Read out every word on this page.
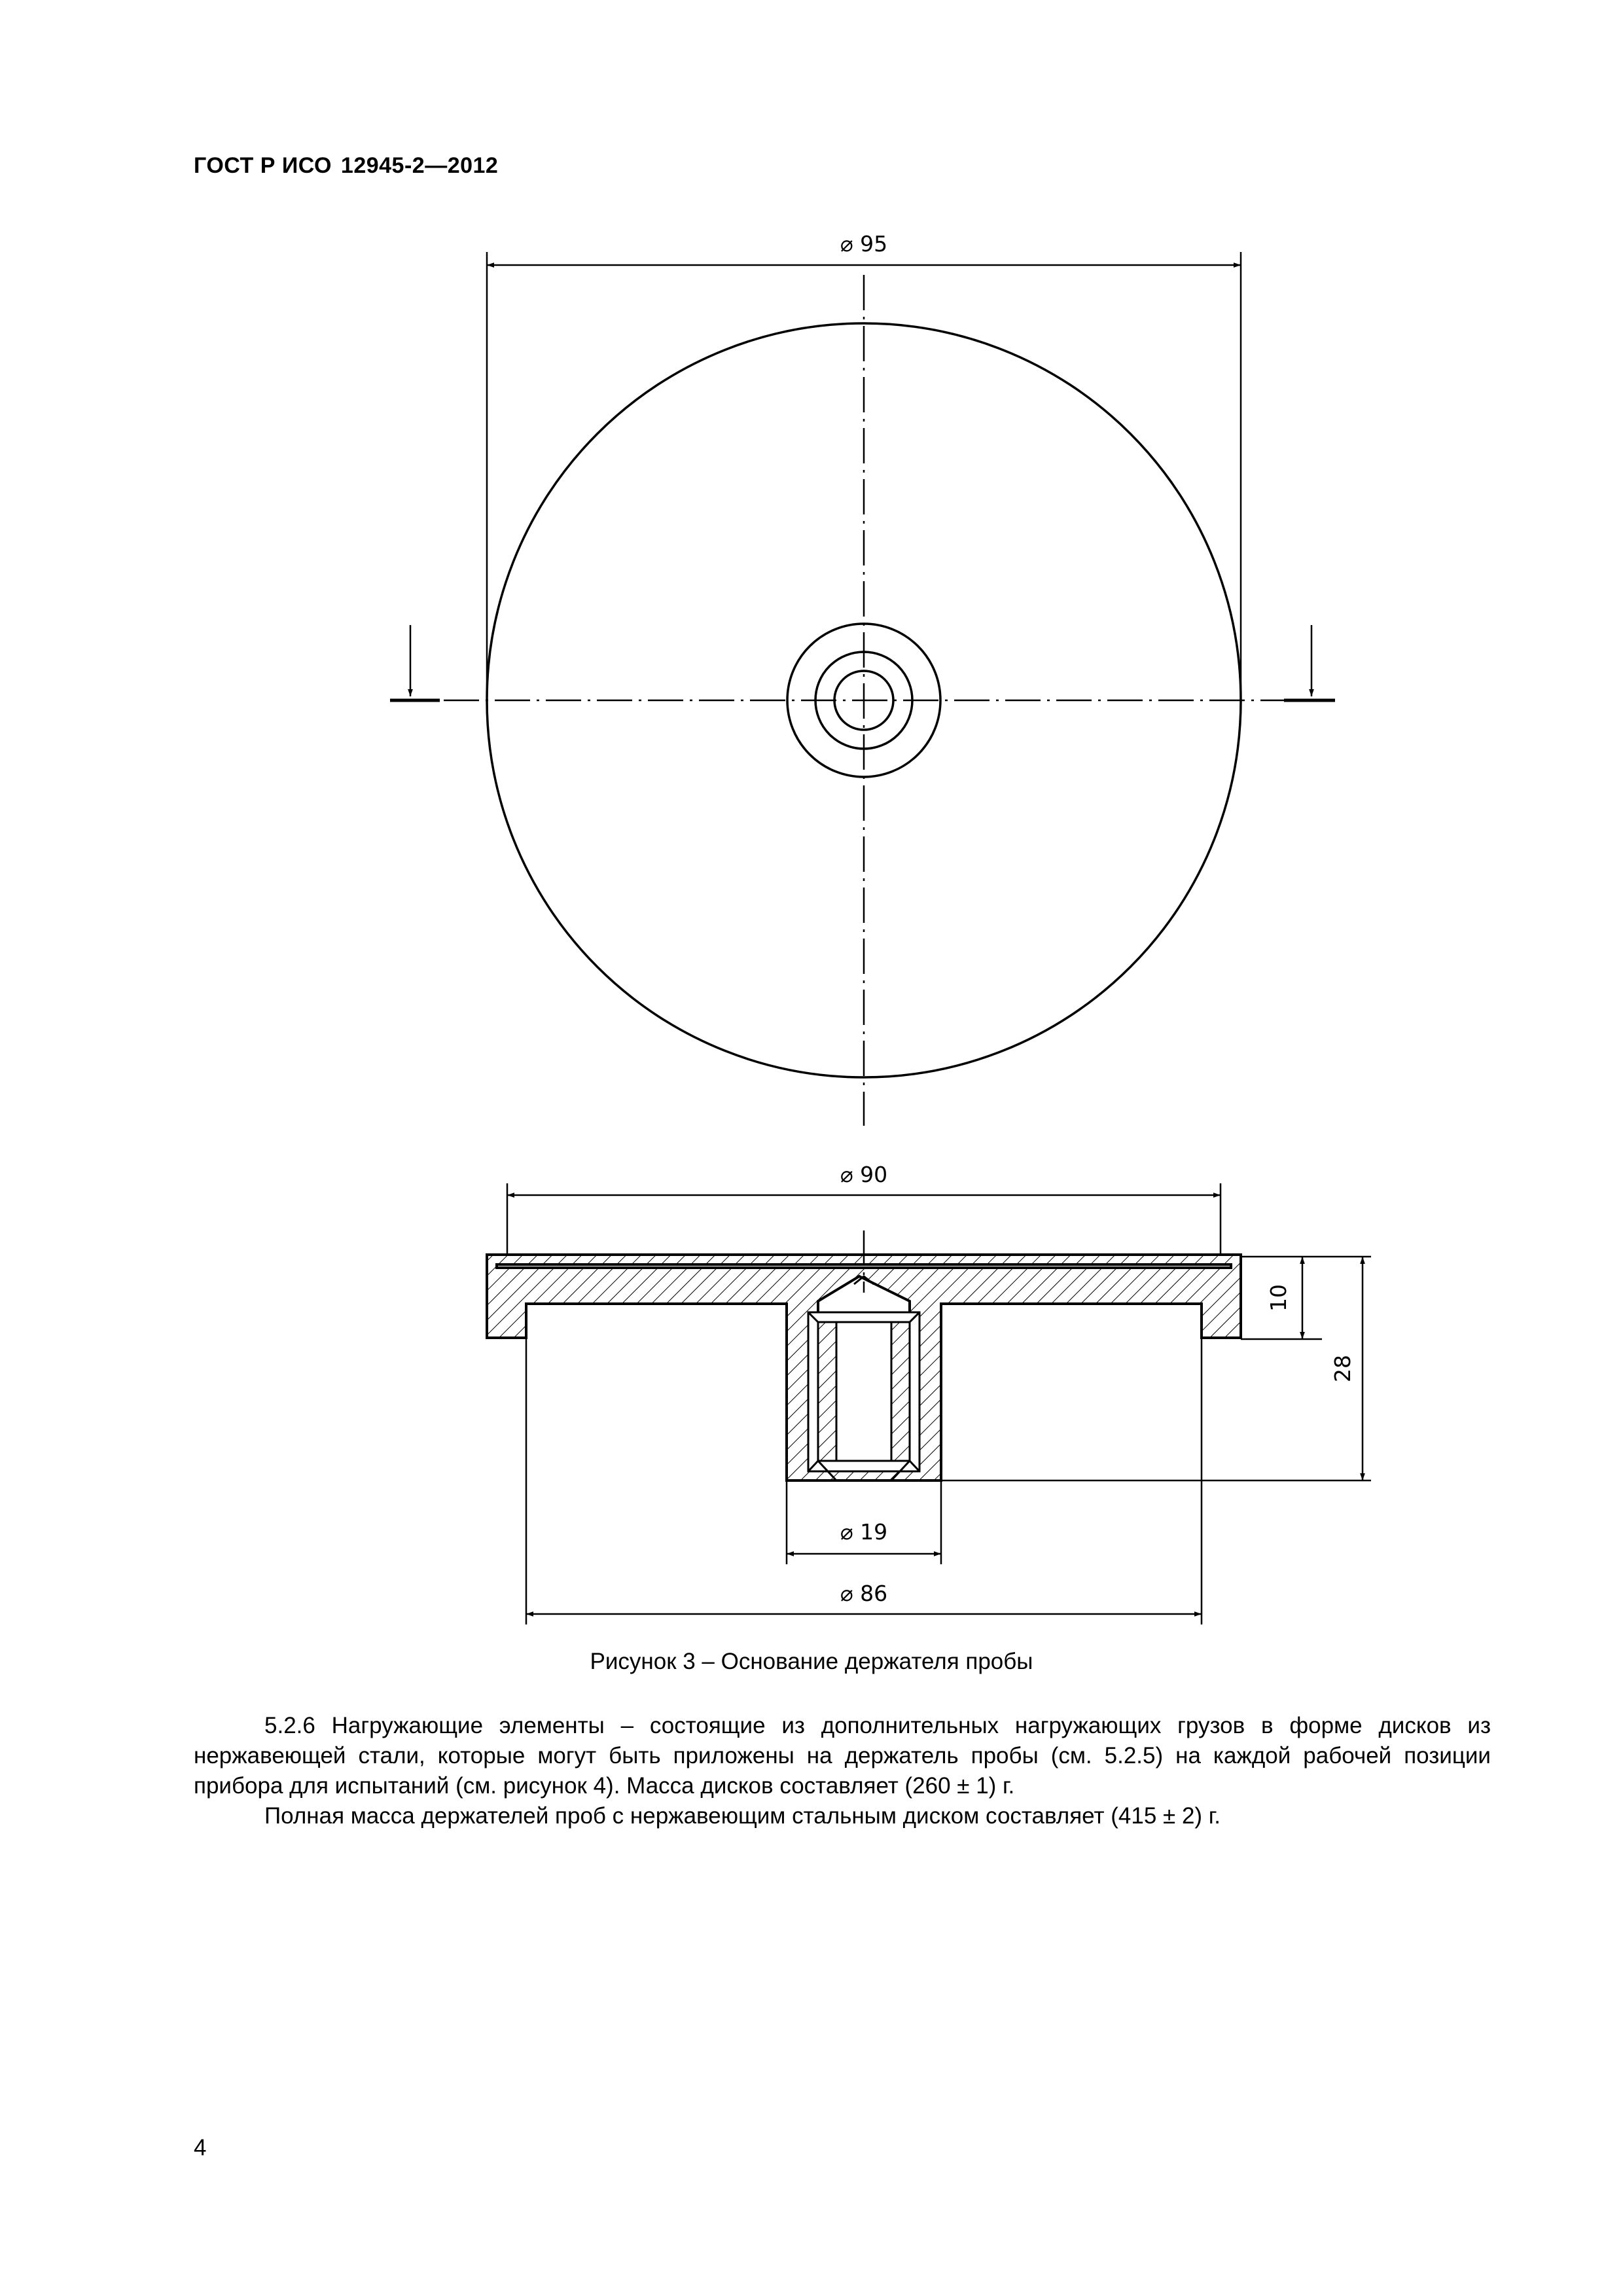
ГОСТ Р ИСО 12945-2—2012
⌀ 95
⌀ 90
10
28
⌀ 19
⌀ 86
Рисунок 3 – Основание держателя пробы

5.2.6 Нагружающие элементы – состоящие из дополнительных нагружающих грузов в форме дисков из нержавеющей стали, которые могут быть приложены на держатель пробы (см. 5.2.5) на каждой рабочей позиции прибора для испытаний (см. рисунок 4). Масса дисков составляет (260 ± 1) г.

Полная масса держателей проб с нержавеющим стальным диском составляет (415 ± 2) г.

4
